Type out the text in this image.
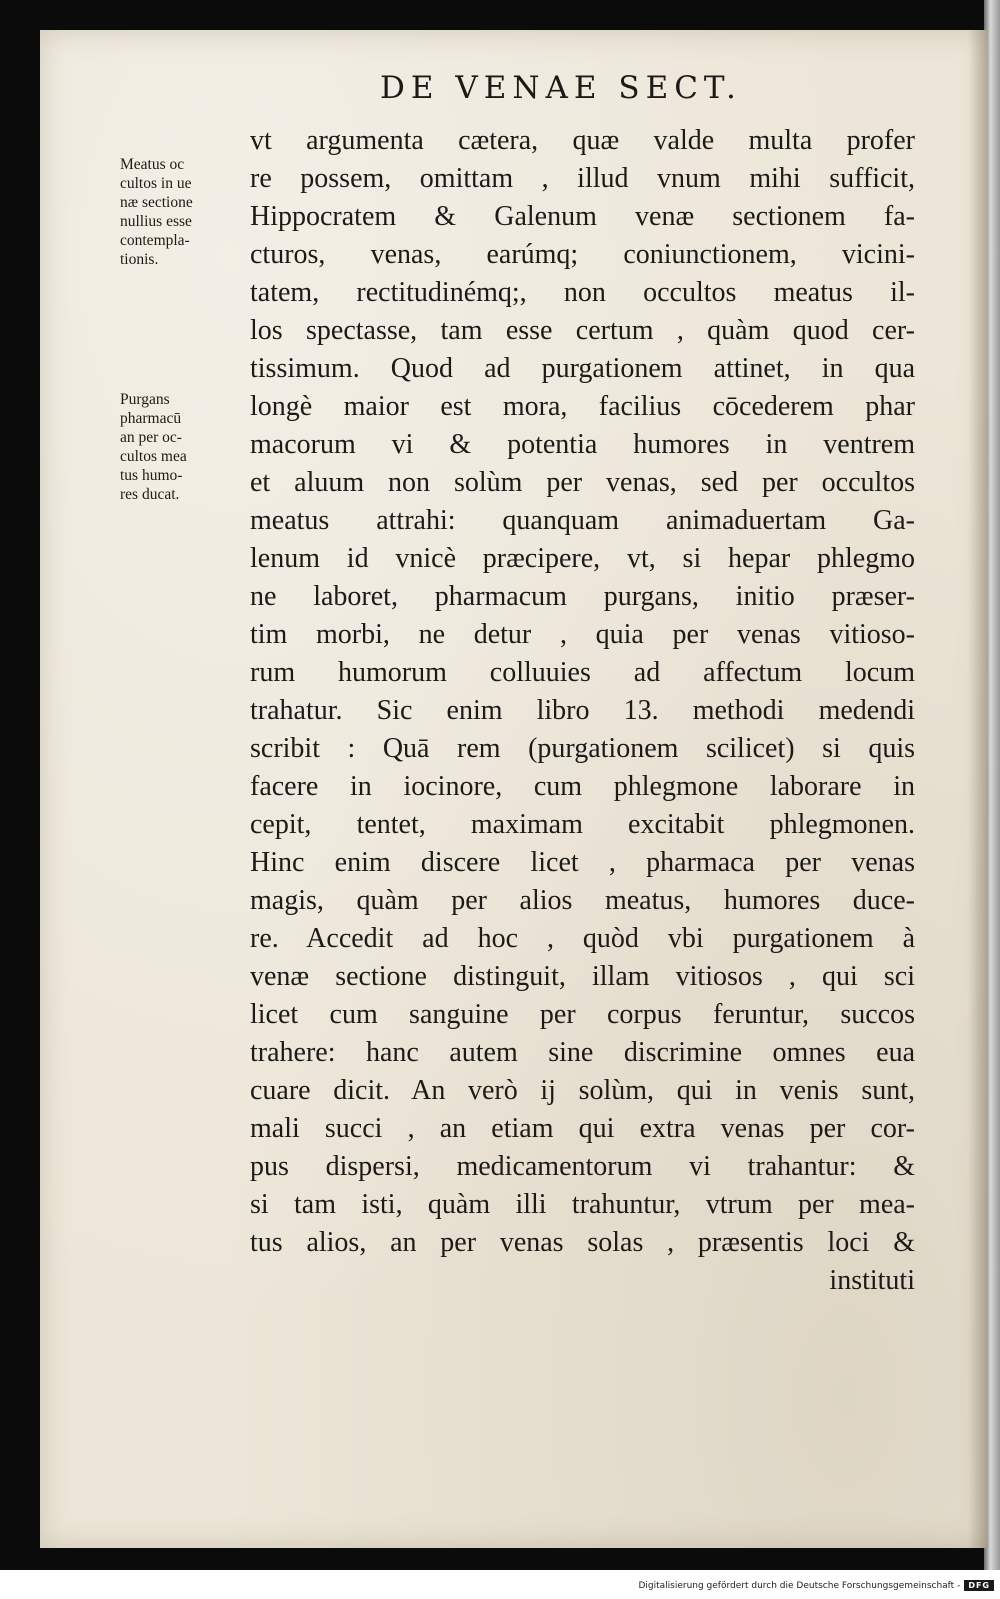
DE VENAE SECT.
Meatus oc
cultos in ue
næ sectione
nullius esse
contempla-
tionis.
Purgans
pharmacū
an per oc-
cultos mea
tus humo-
res ducat.
vt argumenta cætera, quæ valde multa profer
re possem, omittam , illud vnum mihi sufficit,
Hippocratem & Galenum venæ sectionem fa-
cturos, venas, earúmq; coniunctionem, vicini-
tatem, rectitudinémq;, non occultos meatus il-
los spectasse, tam esse certum , quàm quod cer-
tissimum. Quod ad purgationem attinet, in qua
longè maior est mora, facilius cōcederem phar
macorum vi & potentia humores in ventrem
et aluum non solùm per venas, sed per occultos
meatus attrahi: quanquam animaduertam Ga-
lenum id vnicè præcipere, vt, si hepar phlegmo
ne laboret, pharmacum purgans, initio præser-
tim morbi, ne detur , quia per venas vitioso-
rum humorum colluuies ad affectum locum
trahatur. Sic enim libro 13. methodi medendi
scribit : Quā rem (purgationem scilicet) si quis
facere in iocinore, cum phlegmone laborare in
cepit, tentet, maximam excitabit phlegmonen.
Hinc enim discere licet , pharmaca per venas
magis, quàm per alios meatus, humores duce-
re. Accedit ad hoc , quòd vbi purgationem à
venæ sectione distinguit, illam vitiosos , qui sci
licet cum sanguine per corpus feruntur, succos
trahere: hanc autem sine discrimine omnes eua
cuare dicit. An verò ij solùm, qui in venis sunt,
mali succi , an etiam qui extra venas per cor-
pus dispersi, medicamentorum vi trahantur: &
si tam isti, quàm illi trahuntur, vtrum per mea-
tus alios, an per venas solas , præsentis loci &
instituti
Digitalisierung gefördert durch die Deutsche Forschungsgemeinschaft -	DFG
